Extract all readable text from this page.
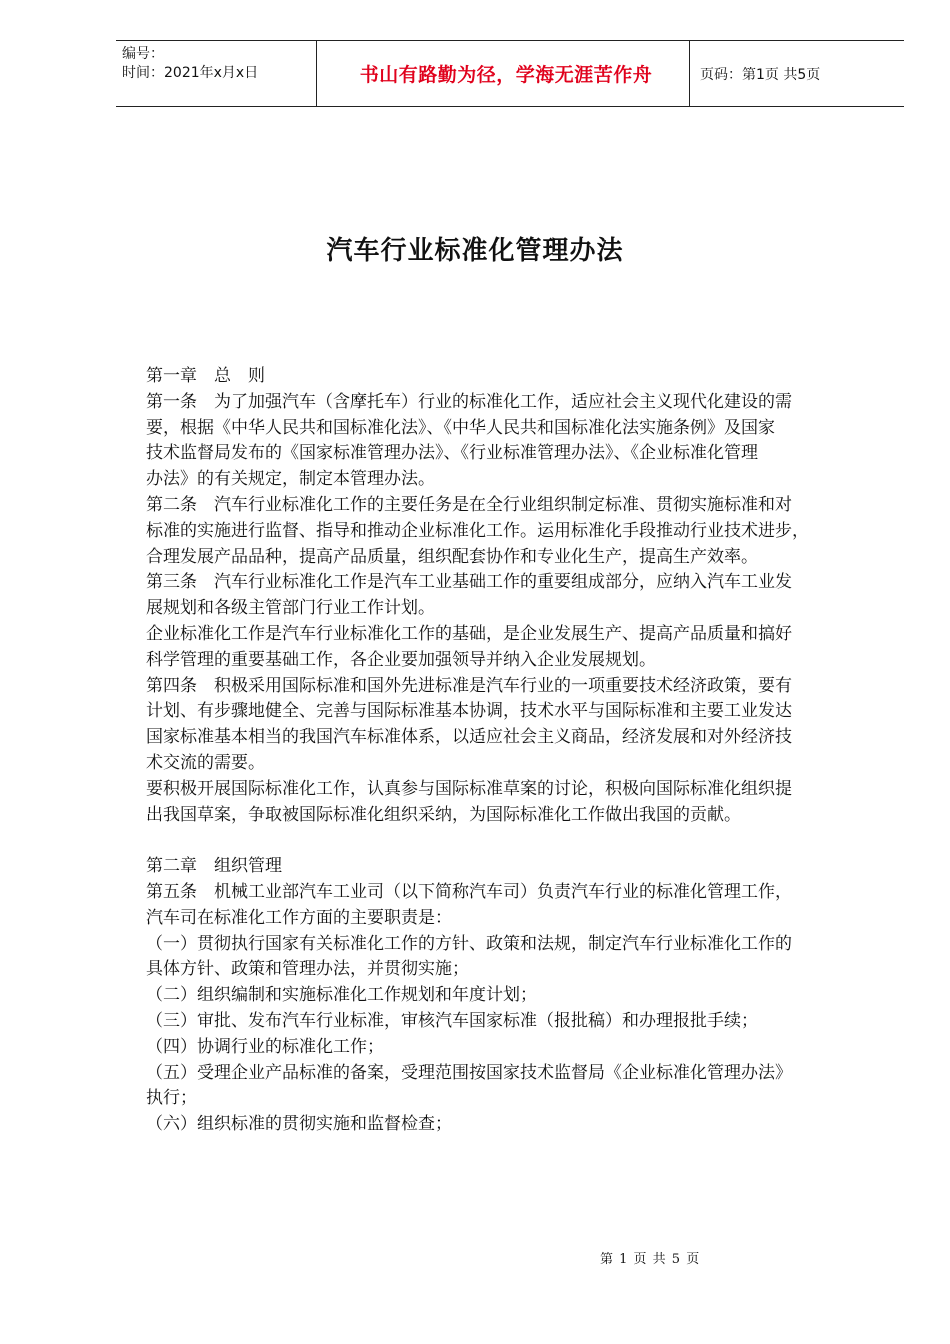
编号：
时间：2021年x月x日	书山有路勤为径，学海无涯苦作舟	页码：第1页 共5页
汽车行业标准化管理办法
第一章　总　则
第一条　为了加强汽车（含摩托车）行业的标准化工作，适应社会主义现代化建设的需
要，根据《中华人民共和国标准化法》、《中华人民共和国标准化法实施条例》及国家
技术监督局发布的《国家标准管理办法》、《行业标准管理办法》、《企业标准化管理
办法》的有关规定，制定本管理办法。
第二条　汽车行业标准化工作的主要任务是在全行业组织制定标准、贯彻实施标准和对
标准的实施进行监督、指导和推动企业标准化工作。运用标准化手段推动行业技术进步，
合理发展产品品种，提高产品质量，组织配套协作和专业化生产，提高生产效率。
第三条　汽车行业标准化工作是汽车工业基础工作的重要组成部分，应纳入汽车工业发
展规划和各级主管部门行业工作计划。
企业标准化工作是汽车行业标准化工作的基础，是企业发展生产、提高产品质量和搞好
科学管理的重要基础工作，各企业要加强领导并纳入企业发展规划。
第四条　积极采用国际标准和国外先进标准是汽车行业的一项重要技术经济政策，要有
计划、有步骤地健全、完善与国际标准基本协调，技术水平与国际标准和主要工业发达
国家标准基本相当的我国汽车标准体系，以适应社会主义商品，经济发展和对外经济技
术交流的需要。
要积极开展国际标准化工作，认真参与国际标准草案的讨论，积极向国际标准化组织提
出我国草案，争取被国际标准化组织采纳，为国际标准化工作做出我国的贡献。
第二章　组织管理
第五条　机械工业部汽车工业司（以下简称汽车司）负责汽车行业的标准化管理工作，
汽车司在标准化工作方面的主要职责是：
（一）贯彻执行国家有关标准化工作的方针、政策和法规，制定汽车行业标准化工作的
具体方针、政策和管理办法，并贯彻实施；
（二）组织编制和实施标准化工作规划和年度计划；
（三）审批、发布汽车行业标准，审核汽车国家标准（报批稿）和办理报批手续；
（四）协调行业的标准化工作；
（五）受理企业产品标准的备案，受理范围按国家技术监督局《企业标准化管理办法》
执行；
（六）组织标准的贯彻实施和监督检查；
第 1 页 共 5 页
